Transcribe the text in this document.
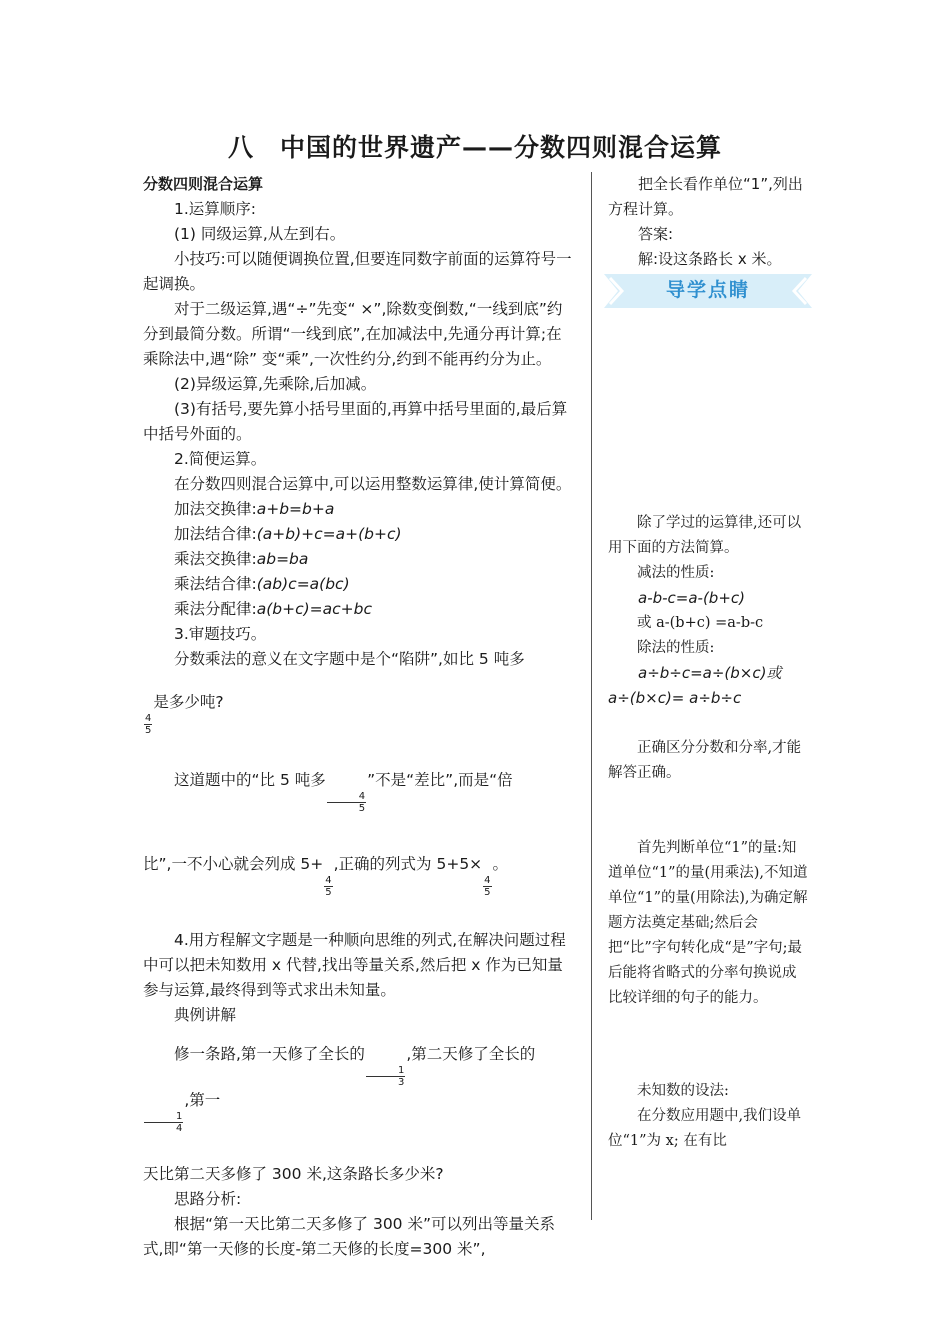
八　中国的世界遗产——分数四则混合运算

分数四则混合运算

1.运算顺序:

(1) 同级运算,从左到右。

小技巧:可以随便调换位置,但要连同数字前面的运算符号一起调换。

对于二级运算,遇“÷”先变“ ×”,除数变倒数,“一线到底”约分到最简分数。所谓“一线到底”,在加减法中,先通分再计算;在乘除法中,遇“除” 变“乘”,一次性约分,约到不能再约分为止。

(2)异级运算,先乘除,后加减。

(3)有括号,要先算小括号里面的,再算中括号里面的,最后算中括号外面的。

2.简便运算。

在分数四则混合运算中,可以运用整数运算律,使计算简便。

加法交换律:a+b=b+a

加法结合律:(a+b)+c=a+(b+c)

乘法交换律:ab=ba

乘法结合律:(ab)c=a(bc)

乘法分配律:a(b+c)=ac+bc

3.审题技巧。

分数乘法的意义在文字题中是个“陷阱”,如比 5 吨多

$\frac{4}{5}$
是多少吨?

这道题中的“比 5 吨多
$\frac{4}{5}$
”不是“差比”,而是“倍

比”,一不小心就会列成 5+
$\frac{4}{5}$
,正确的列式为 5+5×
$\frac{4}{5}$
。

4.用方程解文字题是一种顺向思维的列式,在解决问题过程中可以把未知数用 x 代替,找出等量关系,然后把 x 作为已知量参与运算,最终得到等式求出未知量。

典例讲解

修一条路,第一天修了全长的
$\frac{1}{3}$
,第二天修了全长的
$\frac{1}{4}$
,第一

天比第二天多修了 300 米,这条路长多少米?

思路分析:

根据“第一天比第二天多修了 300 米”可以列出等量关系式,即“第一天修的长度-第二天修的长度=300 米”,

把全长看作单位“1”,列出方程计算。

答案:

解:设这条路长 x 米。

导学点睛

除了学过的运算律,还可以用下面的方法简算。

减法的性质:

a-b-c=a-(b+c)

或 a-(b+c) =a-b-c

除法的性质:

a÷b÷c=a÷(b×c)或 a÷(b×c)= a÷b÷c

正确区分分数和分率,才能解答正确。

首先判断单位“1”的量:知道单位“1”的量(用乘法),不知道单位“1”的量(用除法),为确定解题方法奠定基础;然后会把“比”字句转化成“是”字句;最后能将省略式的分率句换说成比较详细的句子的能力。

未知数的设法:

在分数应用题中,我们设单位“1”为 x; 在有比
